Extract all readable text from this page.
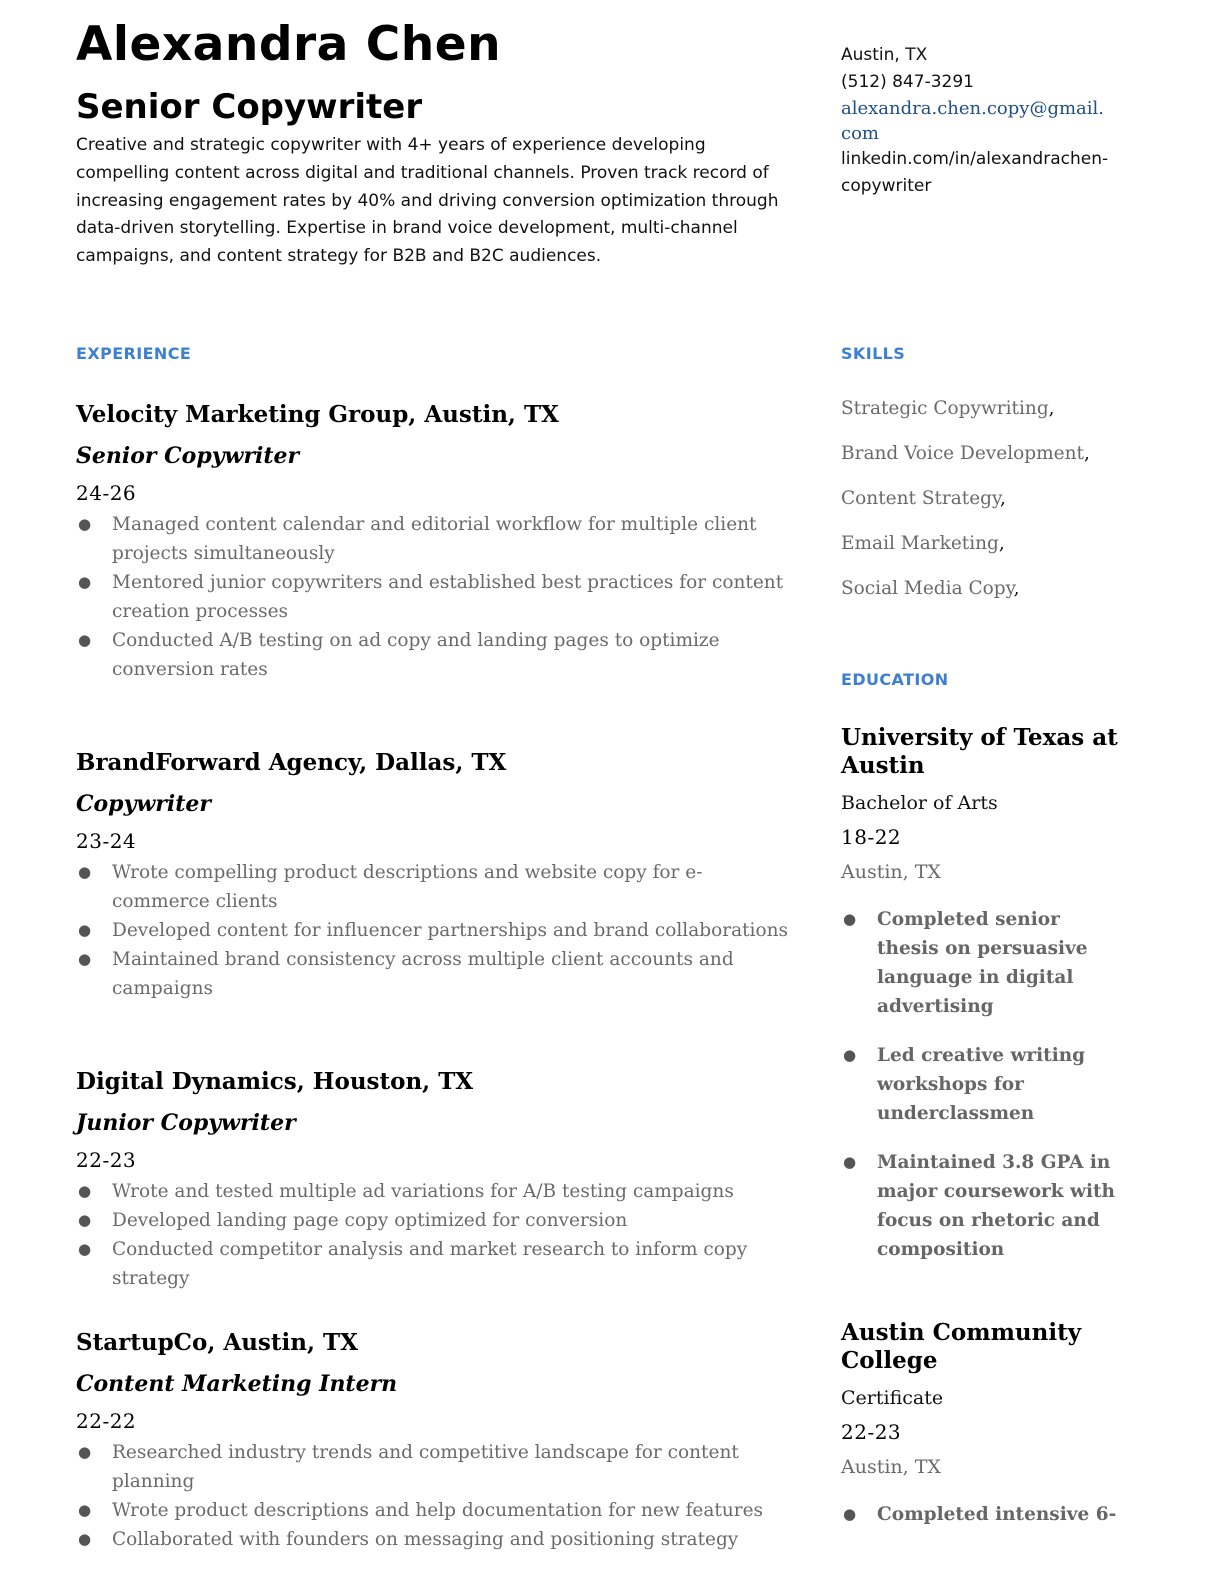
Alexandra Chen
Senior Copywriter

Creative and strategic copywriter with 4+ years of experience developing compelling content across digital and traditional channels. Proven track record of increasing engagement rates by 40% and driving conversion optimization through data-driven storytelling. Expertise in brand voice development, multi-channel campaigns, and content strategy for B2B and B2C audiences.

Austin, TX
(512) 847-3291
alexandra.chen.copy@gmail.com
linkedin.com/in/alexandrachen-copywriter
EXPERIENCE	SKILLS
EDUCATION
Velocity Marketing Group, Austin, TX
Senior Copywriter
24-26
● Managed content calendar and editorial workflow for multiple client projects simultaneously
● Mentored junior copywriters and established best practices for content creation processes
● Conducted A/B testing on ad copy and landing pages to optimize conversion rates
BrandForward Agency, Dallas, TX
Copywriter
23-24
● Wrote compelling product descriptions and website copy for e-commerce clients
● Developed content for influencer partnerships and brand collaborations
● Maintained brand consistency across multiple client accounts and campaigns
Digital Dynamics, Houston, TX
Junior Copywriter
22-23
● Wrote and tested multiple ad variations for A/B testing campaigns
● Developed landing page copy optimized for conversion
● Conducted competitor analysis and market research to inform copy strategy
StartupCo, Austin, TX
Content Marketing Intern
22-22
● Researched industry trends and competitive landscape for content planning
● Wrote product descriptions and help documentation for new features
● Collaborated with founders on messaging and positioning strategy
Strategic Copywriting,
Brand Voice Development,
Content Strategy,
Email Marketing,
Social Media Copy,
University of Texas at Austin
Bachelor of Arts
18-22
Austin, TX
● Completed senior thesis on persuasive language in digital advertising
● Led creative writing workshops for underclassmen
● Maintained 3.8 GPA in major coursework with focus on rhetoric and composition
Austin Community College
Certificate
22-23
Austin, TX
● Completed intensive 6-
